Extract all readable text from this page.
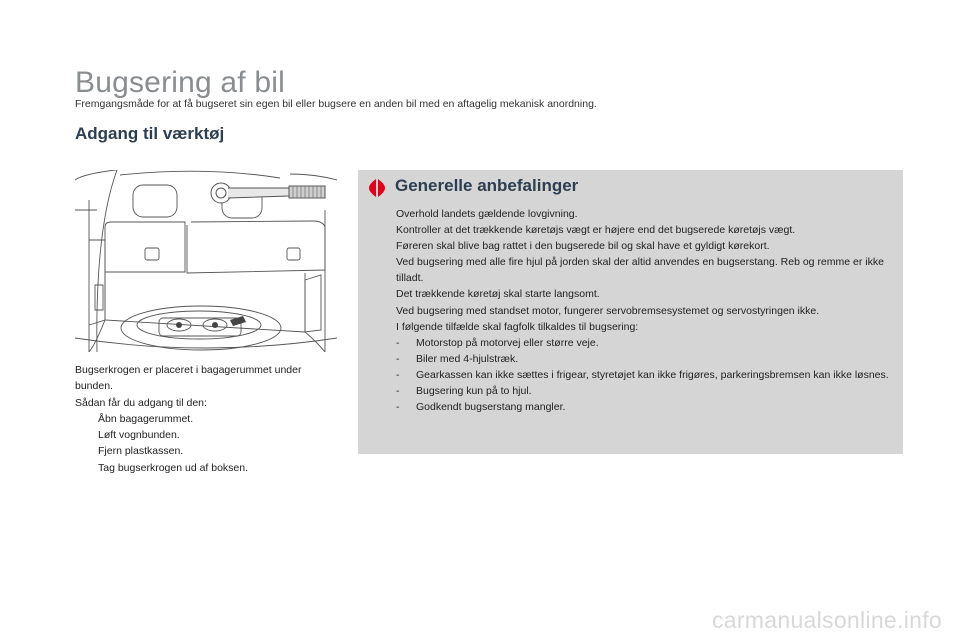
Bugsering af bil

Fremgangsmåde for at få bugseret sin egen bil eller bugsere en anden bil med en aftagelig mekanisk anordning.

Adgang til værktøj

Bugserkrogen er placeret i bagagerummet under bunden.

Sådan får du adgang til den:

Åbn bagagerummet.
Løft vognbunden.
Fjern plastkassen.
Tag bugserkrogen ud af boksen.
Generelle anbefalinger

Overhold landets gældende lovgivning.

Kontroller at det trækkende køretøjs vægt er højere end det bugserede køretøjs vægt.

Føreren skal blive bag rattet i den bugserede bil og skal have et gyldigt kørekort.

Ved bugsering med alle fire hjul på jorden skal der altid anvendes en bugserstang. Reb og remme er ikke tilladt.

Det trækkende køretøj skal starte langsomt.

Ved bugsering med standset motor, fungerer servobremsesystemet og servostyringen ikke.

I følgende tilfælde skal fagfolk tilkaldes til bugsering:

- Motorstop på motorvej eller større veje.
- Biler med 4-hjulstræk.
- Gearkassen kan ikke sættes i frigear, styretøjet kan ikke frigøres, parkeringsbremsen kan ikke løsnes.
- Bugsering kun på to hjul.
- Godkendt bugserstang mangler.
carmanualsonline.info
